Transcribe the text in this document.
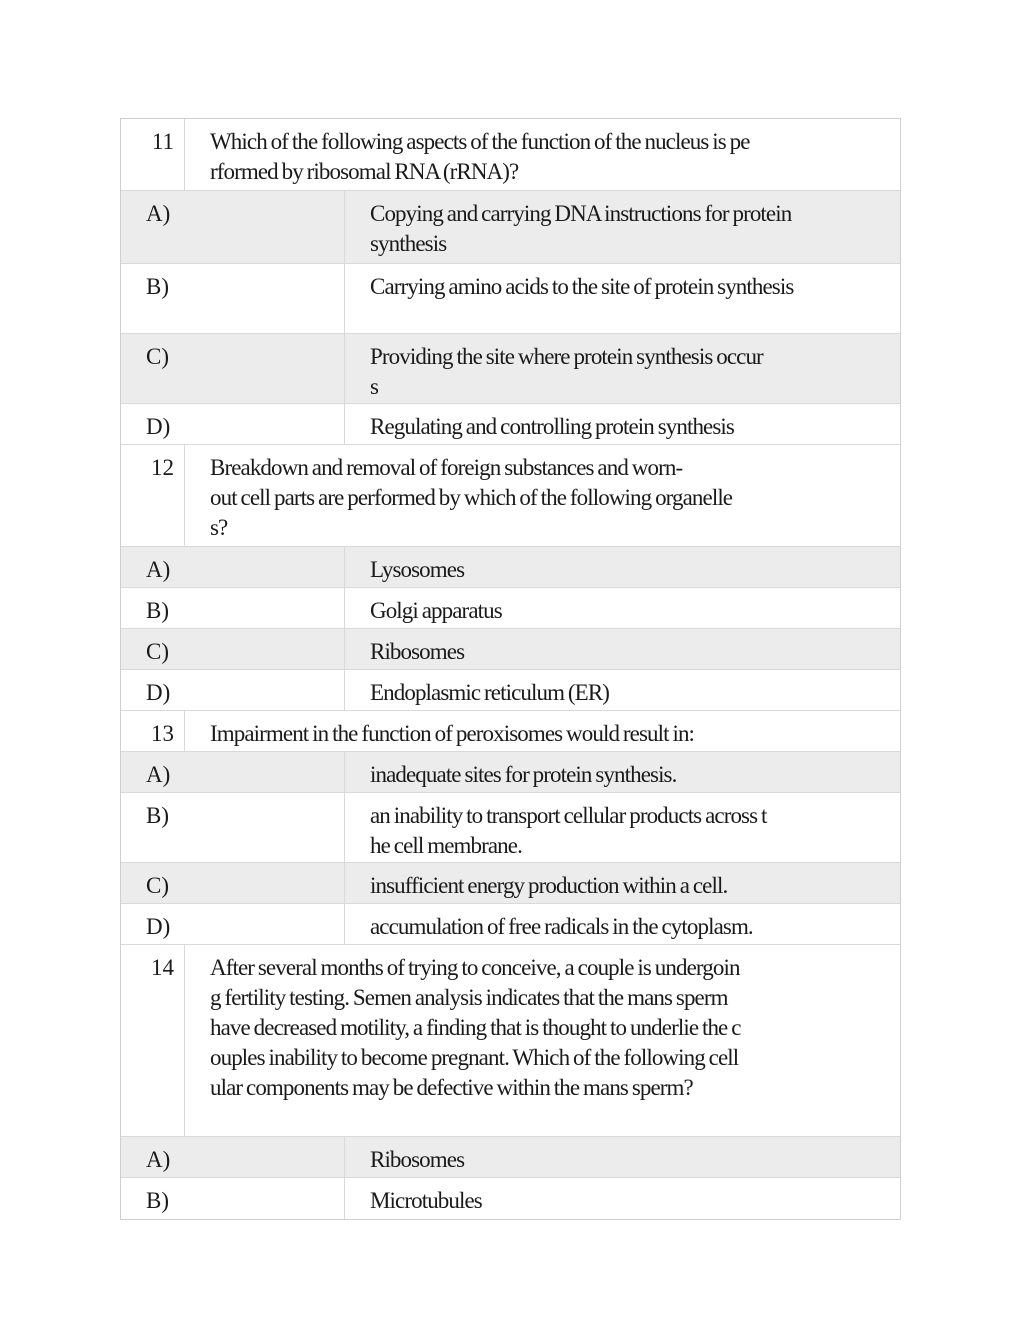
11	Which of the following aspects of the function of the nucleus is pe
rformed by ribosomal RNA (rRNA)?
A)	Copying and carrying DNA instructions for protein
synthesis
B)	Carrying amino acids to the site of protein synthesis
C)	Providing the site where protein synthesis occur
s
D)	Regulating and controlling protein synthesis
12	Breakdown and removal of foreign substances and worn-
out cell parts are performed by which of the following organelle
s?
A)	Lysosomes
B)	Golgi apparatus
C)	Ribosomes
D)	Endoplasmic reticulum (ER)
13	Impairment in the function of peroxisomes would result in:
A)	inadequate sites for protein synthesis.
B)	an inability to transport cellular products across t
he cell membrane.
C)	insufficient energy production within a cell.
D)	accumulation of free radicals in the cytoplasm.
14	After several months of trying to conceive, a couple is undergoin
g fertility testing. Semen analysis indicates that the mans sperm
have decreased motility, a finding that is thought to underlie the c
ouples inability to become pregnant. Which of the following cell
ular components may be defective within the mans sperm?
A)	Ribosomes
B)	Microtubules
